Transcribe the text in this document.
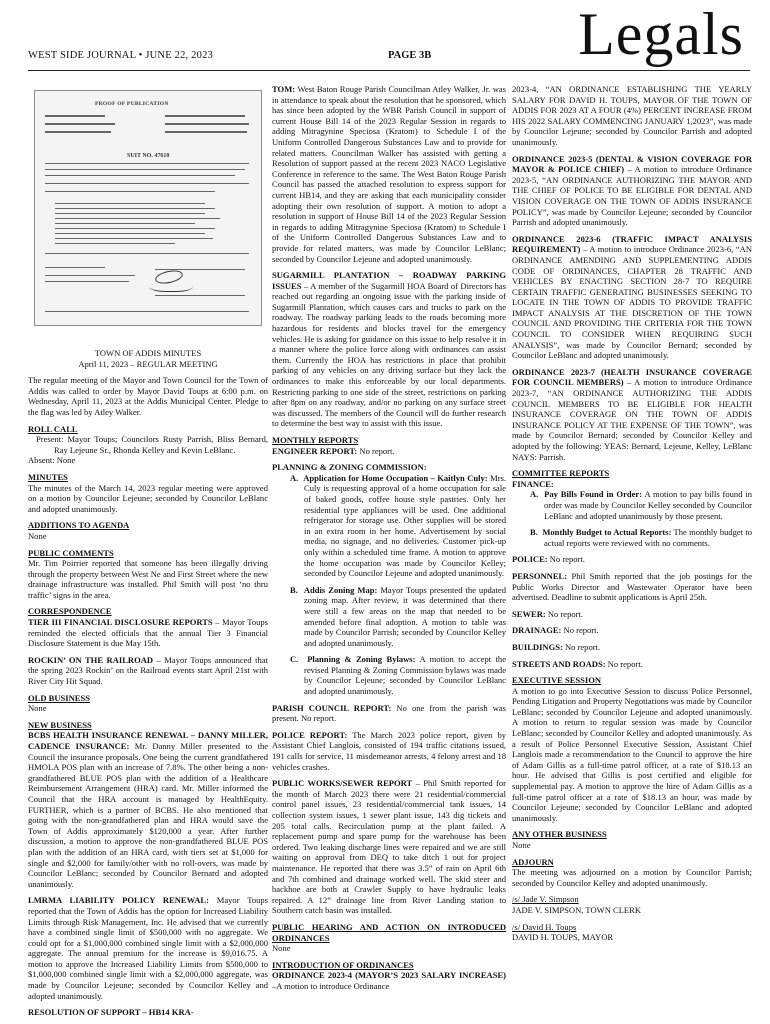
WEST SIDE JOURNAL • JUNE 22, 2023	PAGE 3B Legals
PROOF OF PUBLICATION
SUIT NO. 47610

TOWN OF ADDIS MINUTES

April 11, 2023 – REGULAR MEETING

The regular meeting of the Mayor and Town Council for the Town of Addis was called to order by Mayor David Toups at 6:00 p.m. on Wednesday, April 11, 2023 at the Addis Municipal Center. Pledge to the flag was led by Atley Walker.

ROLL CALL

Present: Mayor Toups; Councilors Rusty Parrish, Bliss Bernard, Ray Lejeune Sr., Rhonda Kelley and Kevin LeBlanc.

Absent: None

MINUTES

The minutes of the March 14, 2023 regular meeting were approved on a motion by Councilor Lejeune; seconded by Councilor LeBlanc and adopted unanimously.

ADDITIONS TO AGENDA

None

PUBLIC COMMENTS

Mr. Tim Poirrier reported that someone has been illegally driving through the property between West Ne and First Street where the new drainage infrastructure was installed. Phil Smith will post ‘no thru traffic’ signs in the area.

CORRESPONDENCE

TIER III FINANCIAL DISCLOSURE REPORTS – Mayor Toups reminded the elected officials that the annual Tier 3 Financial Disclosure Statement is due May 15th.

ROCKIN’ ON THE RAILROAD – Mayor Toups announced that the spring 2023 Rockin’ on the Railroad events start April 21st with River City Hit Squad.

OLD BUSINESS

None

NEW BUSINESS

BCBS HEALTH INSURANCE RENEWAL – DANNY MILLER, CADENCE INSURANCE: Mr. Danny Miller presented to the Council the insurance proposals. One being the current grandfathered HMOLA POS plan with an increase of 7.8%. The other being a non-grandfathered BLUE POS plan with the addition of a Healthcare Reimbursement Arrangement (HRA) card. Mr. Miller informed the Council that the HRA account is managed by HealthEquity. FURTHER, which is a partner of BCBS. He also mentioned that going with the non-grandfathered plan and HRA would save the Town of Addis approximately $120,000 a year. After further discussion, a motion to approve the non-grandfathered BLUE POS plan with the addition of an HRA card, with tiers set at $1,000 for single and $2,000 for family/other with no roll-overs, was made by Councilor LeBlanc; seconded by Councilor Bernard and adopted unanimously.

LMRMA LIABILITY POLICY RENEWAL: Mayor Toups reported that the Town of Addis has the option for Increased Liability Limits through Risk Management, Inc. He advised that we currently have a combined single limit of $500,000 with no aggregate. We could opt for a $1,000,000 combined single limit with a $2,000,000 aggregate. The annual premium for the increase is $9,016.75. A motion to approve the Increased Liability Limits from $500,000 to $1,000,000 combined single limit with a $2,000,000 aggregate, was made by Councilor Lejeune; seconded by Councilor Kelley and adopted unanimously.

RESOLUTION OF SUPPORT – HB14 KRA-

TOM: West Baton Rouge Parish Councilman Atley Walker, Jr. was in attendance to speak about the resolution that he sponsored, which has since been adopted by the WBR Parish Council in support of current House Bill 14 of the 2023 Regular Session in regards to adding Mitragynine Speciosa (Kratom) to Schedule I of the Uniform Controlled Dangerous Substances Law and to provide for related matters. Councilman Walker has assisted with getting a Resolution of support passed at the recent 2023 NACO Legislative Conference in reference to the same. The West Baton Rouge Parish Council has passed the attached resolution to express support for current HB14, and they are asking that each municipality consider adopting their own resolution of support. A motion to adopt a resolution in support of House Bill 14 of the 2023 Regular Session in regards to adding Mitragynine Speciosa (Kratom) to Schedule I of the Uniform Controlled Dangerous Substances Law and to provide for related matters, was made by Councilor LeBlanc; seconded by Councilor Lejeune and adopted unanimously.

SUGARMILL PLANTATION – ROADWAY PARKING ISSUES – A member of the Sugarmill HOA Board of Directors has reached out regarding an ongoing issue with the parking inside of Sugarmill Plantation, which causes cars and trucks to park on the roadway. The roadway parking leads to the roads becoming more hazardous for residents and blocks travel for the emergency vehicles. He is asking for guidance on this issue to help resolve it in a manner where the police force along with ordinances can assist them. Currently the HOA has restrictions in place that prohibit parking of any vehicles on any driving surface but they lack the ordinances to make this enforceable by our local departments. Restricting parking to one side of the street, restrictions on parking after 8pm on any roadway, and/or no parking on any surface street was discussed. The members of the Council will do further research to determine the best way to assist with this issue.

MONTHLY REPORTS

ENGINEER REPORT: No report.

PLANNING & ZONING COMMISSION:

A. Application for Home Occupation – Kaitlyn Culy: Mrs. Culy is requesting approval of a home occupation for sale of baked goods, coffee house style pastries. Only her residential type appliances will be used. One additional refrigerator for storage use. Other supplies will be stored in an extra room in her home. Advertisement by social media, no signage, and no deliveries. Customer pick-up only within a scheduled time frame. A motion to approve the home occupation was made by Councilor Kelley; seconded by Councilor Lejeune and adopted unanimously.

B. Addis Zoning Map: Mayor Toups presented the updated zoning map. After review, it was determined that there were still a few areas on the map that needed to be amended before final adoption. A motion to table was made by Councilor Parrish; seconded by Councilor Kelley and adopted unanimously.

C. Planning & Zoning Bylaws: A motion to accept the revised Planning & Zoning Commission bylaws was made by Councilor Lejeune; seconded by Councilor LeBlanc and adopted unanimously.

PARISH COUNCIL REPORT: No one from the parish was present. No report.

POLICE REPORT: The March 2023 police report, given by Assistant Chief Langlois, consisted of 194 traffic citations issued, 191 calls for service, 11 misdemeanor arrests, 4 felony arrest and 18 vehicles crashes.

PUBLIC WORKS/SEWER REPORT – Phil Smith reported for the month of March 2023 there were 21 residential/commercial control panel issues, 23 residential/commercial tank issues, 14 collection system issues, 1 sewer plant issue, 143 dig tickets and 205 total calls. Recirculation pump at the plant failed. A replacement pump and spare pump for the warehouse has been ordered. Two leaking discharge lines were repaired and we are still waiting on approval from DEQ to take ditch 1 out for project maintenance. He reported that there was 3.5” of rain on April 6th and 7th combined and drainage worked well. The skid steer and backhoe are both at Crawler Supply to have hydraulic leaks repaired. A 12” drainage line from River Landing station to Southern catch basin was installed.

PUBLIC HEARING AND ACTION ON INTRODUCED ORDINANCES

None

INTRODUCTION OF ORDINANCES

ORDINANCE 2023-4 (MAYOR’S 2023 SALARY INCREASE) –A motion to introduce Ordinance

2023-4, “AN ORDINANCE ESTABLISHING THE YEARLY SALARY FOR DAVID H. TOUPS, MAYOR OF THE TOWN OF ADDIS FOR 2023 AT A FOUR (4%) PERCENT INCREASE FROM HIS 2022 SALARY COMMENCING JANUARY 1,2023”, was made by Councilor Lejeune; seconded by Councilor Parrish and adopted unanimously.

ORDINANCE 2023-5 (DENTAL & VISION COVERAGE FOR MAYOR & POLICE CHIEF) – A motion to introduce Ordinance 2023-5, “AN ORDINANCE AUTHORIZING THE MAYOR AND THE CHIEF OF POLICE TO BE ELIGIBLE FOR DENTAL AND VISION COVERAGE ON THE TOWN OF ADDIS INSURANCE POLICY”, was made by Councilor Lejeune; seconded by Councilor Parrish and adopted unanimously.

ORDINANCE 2023-6 (TRAFFIC IMPACT ANALYSIS REQUIREMENT) – A motion to introduce Ordinance 2023-6, “AN ORDINANCE AMENDING AND SUPPLEMENTING ADDIS CODE OF ORDINANCES, CHAPTER 28 TRAFFIC AND VEHICLES BY ENACTING SECTION 28-7 TO REQUIRE CERTAIN TRAFFIC GENERATING BUSINESSES SEEKING TO LOCATE IN THE TOWN OF ADDIS TO PROVIDE TRAFFIC IMPACT ANALYSIS AT THE DISCRETION OF THE TOWN COUNCIL AND PROVIDING THE CRITERIA FOR THE TOWN COUNCIL TO CONSIDER WHEN REQUIRING SUCH ANALYSIS”, was made by Councilor Bernard; seconded by Councilor LeBlanc and adopted unanimously.

ORDINANCE 2023-7 (HEALTH INSURANCE COVERAGE FOR COUNCIL MEMBERS) – A motion to introduce Ordinance 2023-7, “AN ORDINANCE AUTHORIZING THE ADDIS COUNCIL MEMBERS TO BE ELIGIBLE FOR HEALTH INSURANCE COVERAGE ON THE TOWN OF ADDIS INSURANCE POLICY AT THE EXPENSE OF THE TOWN”, was made by Councilor Bernard; seconded by Councilor Kelley and adopted by the following: YEAS: Bernard, Lejeune, Kelley, LeBlanc NAYS: Parrish.

COMMITTEE REPORTS

FINANCE:

A. Pay Bills Found in Order: A motion to pay bills found in order was made by Councilor Kelley seconded by Councilor LeBlanc and adopted unanimously by those present.

B. Monthly Budget to Actual Reports: The monthly budget to actual reports were reviewed with no comments.

POLICE: No report.

PERSONNEL: Phil Smith reported that the job postings for the Public Works Director and Wastewater Operator have been advertised. Deadline to submit applications is April 25th.

SEWER: No report.

DRAINAGE: No report.

BUILDINGS: No report.

STREETS AND ROADS: No report.

EXECUTIVE SESSION

A motion to go into Executive Session to discuss Police Personnel, Pending Litigation and Property Negotiations was made by Councilor LeBlanc; seconded by Councilor Lejeune and adopted unanimously. A motion to return to regular session was made by Councilor LeBlanc; seconded by Councilor Kelley and adopted unanimously. As a result of Police Personnel Executive Session, Assistant Chief Langlois made a recommendation to the Council to approve the hire of Adam Gillis as a full-time patrol officer, at a rate of $18.13 an hour. He advised that Gillis is post certified and eligible for supplemental pay. A motion to approve the hire of Adam Gillis as a full-time patrol officer at a rate of $18.13 an hour, was made by Councilor Lejeune; seconded by Councilor LeBlanc and adopted unanimously.

ANY OTHER BUSINESS

None

ADJOURN

The meeting was adjourned on a motion by Councilor Parrish; seconded by Councilor Kelley and adopted unanimously.

/s/ Jade V. Simpson

JADE V. SIMPSON, TOWN CLERK

/s/ David H. Toups

DAVID H. TOUPS, MAYOR
